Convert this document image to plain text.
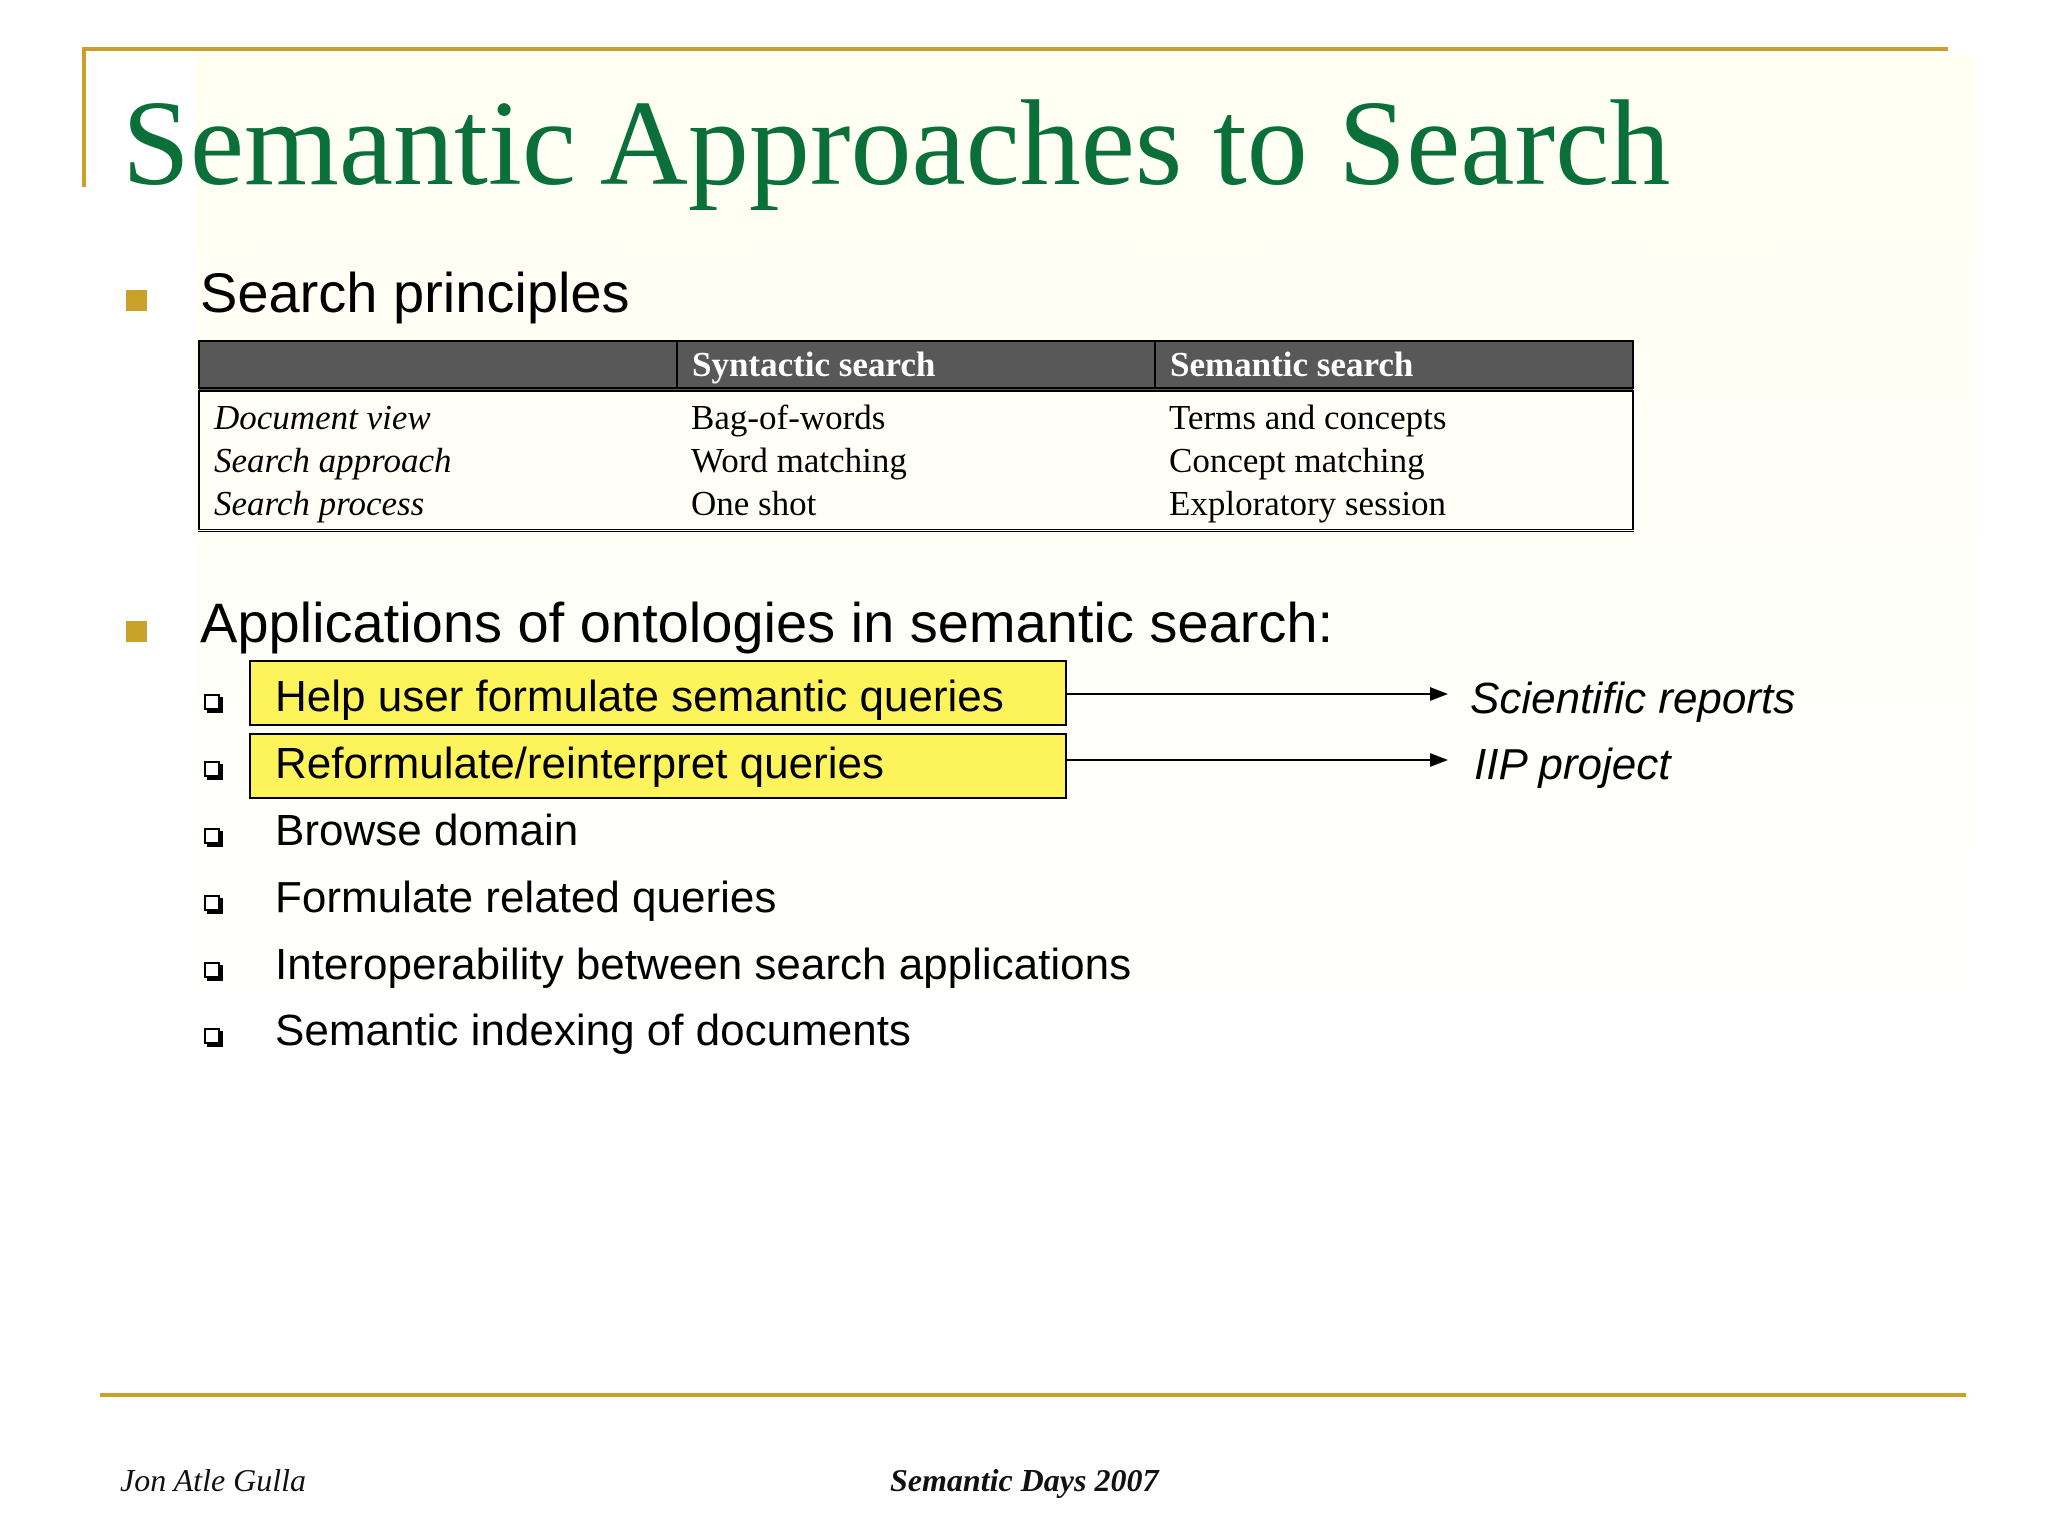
Semantic Approaches to Search
Search principles
	Syntactic search	Semantic search
Document view	Bag-of-words	Terms and concepts
Search approach	Word matching	Concept matching
Search process	One shot	Exploratory session
Applications of ontologies in semantic search:
Help user formulate semantic queries
Reformulate/reinterpret queries
Browse domain
Formulate related queries
Interoperability between search applications
Semantic indexing of documents
Scientific reports
IIP project
Jon Atle Gulla	Semantic Days 2007
